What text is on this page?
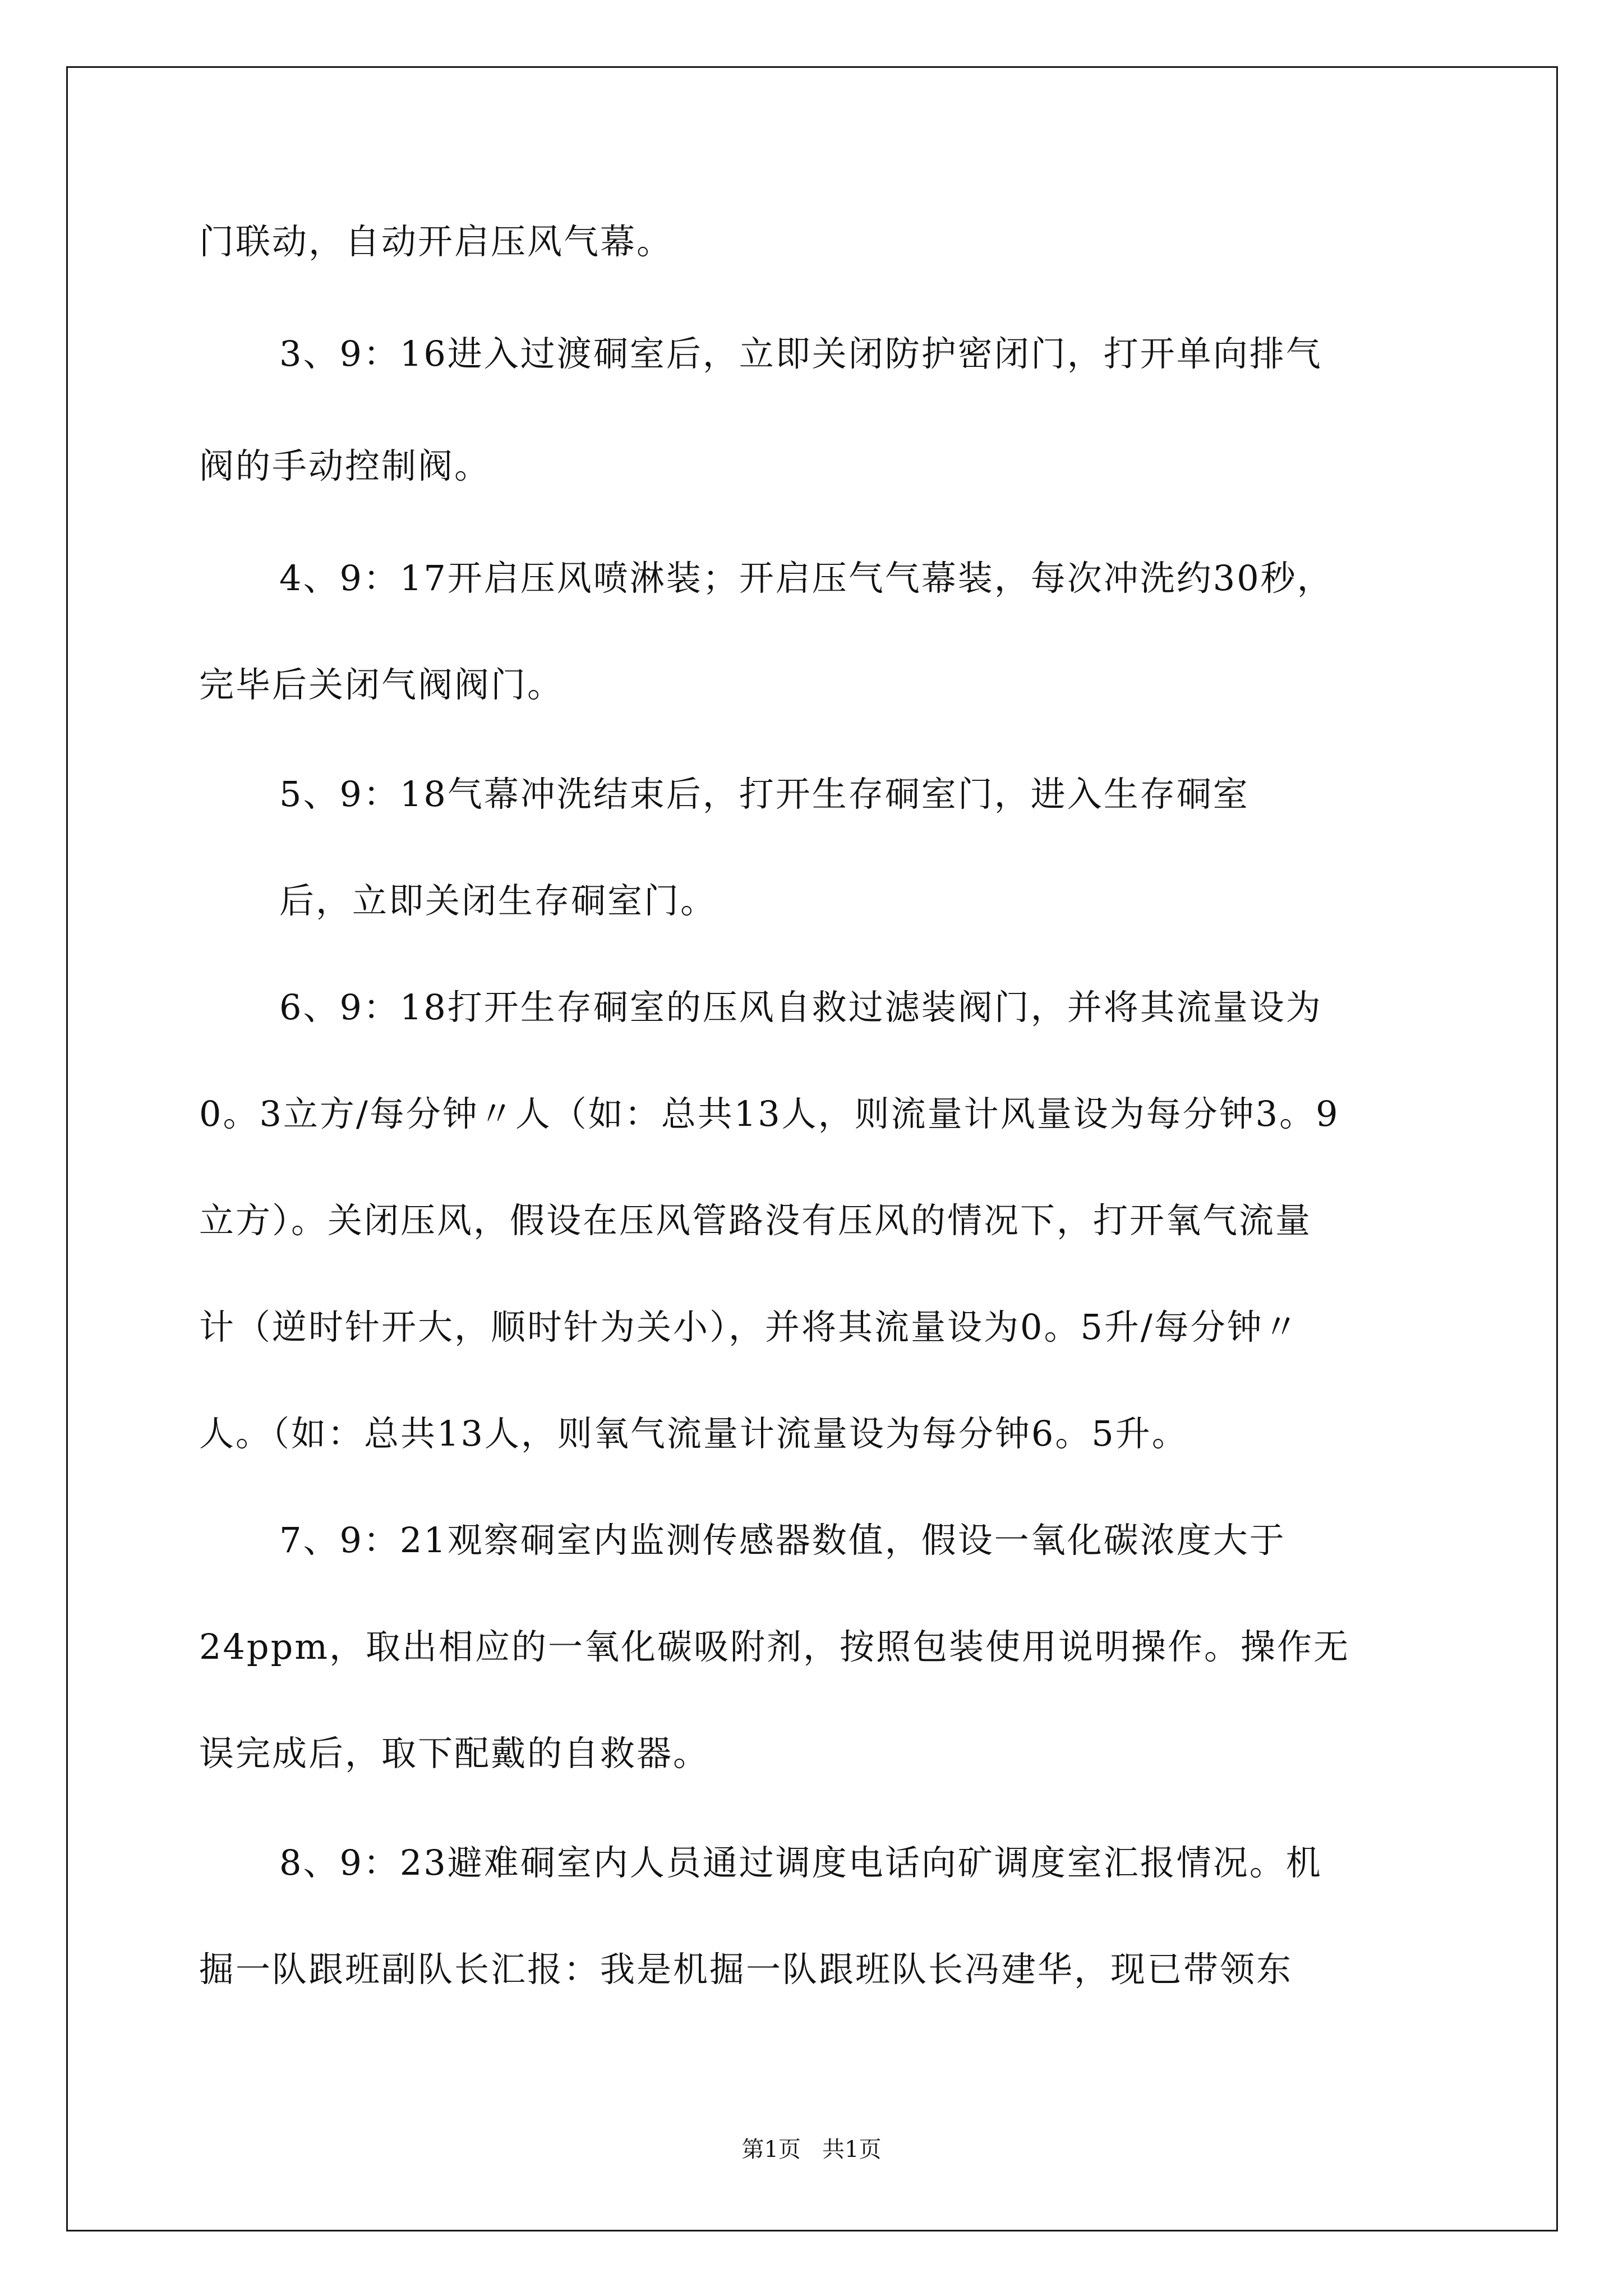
门联动，自动开启压风气幕。
3、9：16进入过渡硐室后，立即关闭防护密闭门，打开单向排气
阀的手动控制阀。
4、9：17开启压风喷淋装；开启压气气幕装，每次冲洗约30秒，
完毕后关闭气阀阀门。
5、9：18气幕冲洗结束后，打开生存硐室门，进入生存硐室
后，立即关闭生存硐室门。
6、9：18打开生存硐室的压风自救过滤装阀门，并将其流量设为
0。3立方/每分钟〃人（如：总共13人，则流量计风量设为每分钟3。9
立方）。关闭压风，假设在压风管路没有压风的情况下，打开氧气流量
计（逆时针开大，顺时针为关小），并将其流量设为0。5升/每分钟〃
人。（如：总共13人，则氧气流量计流量设为每分钟6。5升。
7、9：21观察硐室内监测传感器数值，假设一氧化碳浓度大于
24ppm，取出相应的一氧化碳吸附剂，按照包装使用说明操作。操作无
误完成后，取下配戴的自救器。
8、9：23避难硐室内人员通过调度电话向矿调度室汇报情况。机
掘一队跟班副队长汇报：我是机掘一队跟班队长冯建华，现已带领东
第1页   共1页
